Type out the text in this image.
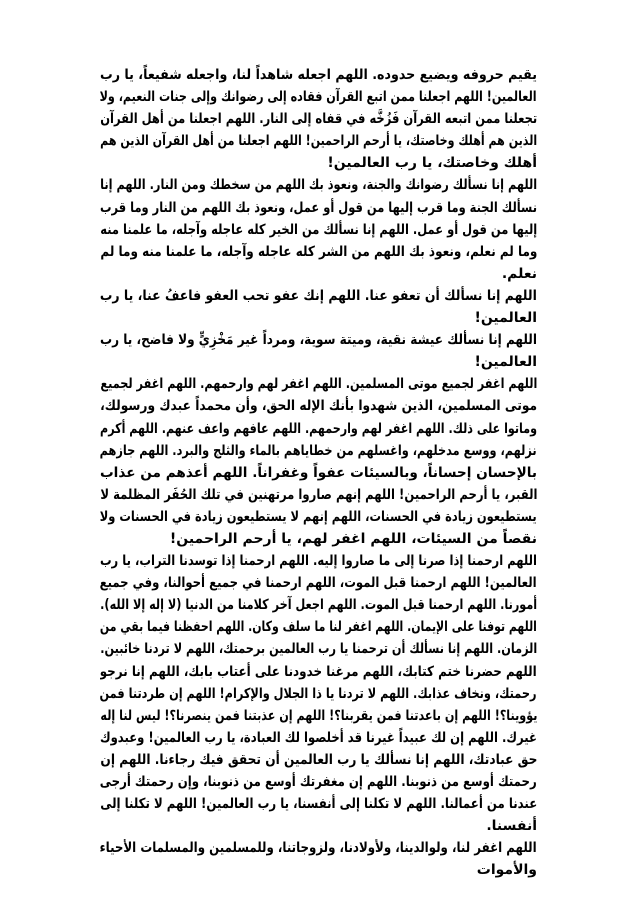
يقيم حروفه ويضيع حدوده. اللهم اجعله شاهداً لنا، واجعله شفيعاً، يا رب
العالمين! اللهم اجعلنا ممن اتبع القرآن فقاده إلى رضوانك وإلى جنات النعيم، ولا
تجعلنا ممن اتبعه القرآن فَزُخَّه في قفاه إلى النار. اللهم اجعلنا من أهل القرآن
الذين هم أهلك وخاصتك، يا أرحم الراحمين! اللهم اجعلنا من أهل القرآن الذين هم
أهلك وخاصتك، يا رب العالمين!
اللهم إنا نسألك رضوانك والجنة، ونعوذ بك اللهم من سخطك ومن النار. اللهم إنا
نسألك الجنة وما قرب إليها من قول أو عمل، ونعوذ بك اللهم من النار وما قرب
إليها من قول أو عمل. اللهم إنا نسألك من الخير كله عاجله وآجله، ما علمنا منه
وما لم نعلم، ونعوذ بك اللهم من الشر كله عاجله وآجله، ما علمنا منه وما لم
نعلم.
اللهم إنا نسألك أن تعفو عنا. اللهم إنك عفو تحب العفو فاعفُ عنا، يا رب
العالمين!
اللهم إنا نسألك عيشة نقية، وميتة سوية، ومرداً غير مَخْزِيٍّ ولا فاضح، يا رب
العالمين!
اللهم اغفر لجميع موتى المسلمين. اللهم اغفر لهم وارحمهم. اللهم اغفر لجميع
موتى المسلمين، الذين شهدوا بأنك الإله الحق، وأن محمداً عبدك ورسولك،
وماتوا على ذلك. اللهم اغفر لهم وارحمهم. اللهم عافهم واعف عنهم. اللهم أكرم
نزلهم، ووسع مدخلهم، واغسلهم من خطاياهم بالماء والثلج والبرد. اللهم جازهم
بالإحسان إحساناً، وبالسيئات عفواً وغفراناً. اللهم أعذهم من عذاب
القبر، يا أرحم الراحمين! اللهم إنهم صاروا مرتهنين في تلك الحُفَر المظلمة لا
يستطيعون زيادة في الحسنات، اللهم إنهم لا يستطيعون زيادة في الحسنات ولا
نقصاً من السيئات، اللهم اغفر لهم، يا أرحم الراحمين!
اللهم ارحمنا إذا صرنا إلى ما صاروا إليه. اللهم ارحمنا إذا توسدنا التراب، يا رب
العالمين! اللهم ارحمنا قبل الموت، اللهم ارحمنا في جميع أحوالنا، وفي جميع
أمورنا. اللهم ارحمنا قبل الموت. اللهم اجعل آخر كلامنا من الدنيا (لا إله إلا الله).
اللهم توفنا على الإيمان. اللهم اغفر لنا ما سلف وكان. اللهم احفظنا فيما بقي من
الزمان. اللهم إنا نسألك أن ترحمنا يا رب العالمين برحمتك، اللهم لا تردنا خائبين.
اللهم حضرنا ختم كتابك، اللهم مرغنا خدودنا على أعتاب بابك، اللهم إنا نرجو
رحمتك، ونخاف عذابك. اللهم لا تردنا يا ذا الجلال والإكرام! اللهم إن طردتنا فمن
يؤوينا؟! اللهم إن باعدتنا فمن يقربنا؟! اللهم إن عذبتنا فمن ينصرنا؟! ليس لنا إله
غيرك. اللهم إن لك عبيداً غيرنا قد أخلصوا لك العبادة، يا رب العالمين! وعبدوك
حق عبادتك، اللهم إنا نسألك يا رب العالمين أن تحقق فيك رجاءنا. اللهم إن
رحمتك أوسع من ذنوبنا. اللهم إن مغفرتك أوسع من ذنوبنا، وإن رحمتك أرجى
عندنا من أعمالنا. اللهم لا تكلنا إلى أنفسنا، يا رب العالمين! اللهم لا تكلنا إلى
أنفسنا.
اللهم اغفر لنا، ولوالدينا، ولأولادنا، ولزوجاتنا، وللمسلمين والمسلمات الأحياء
والأموات
